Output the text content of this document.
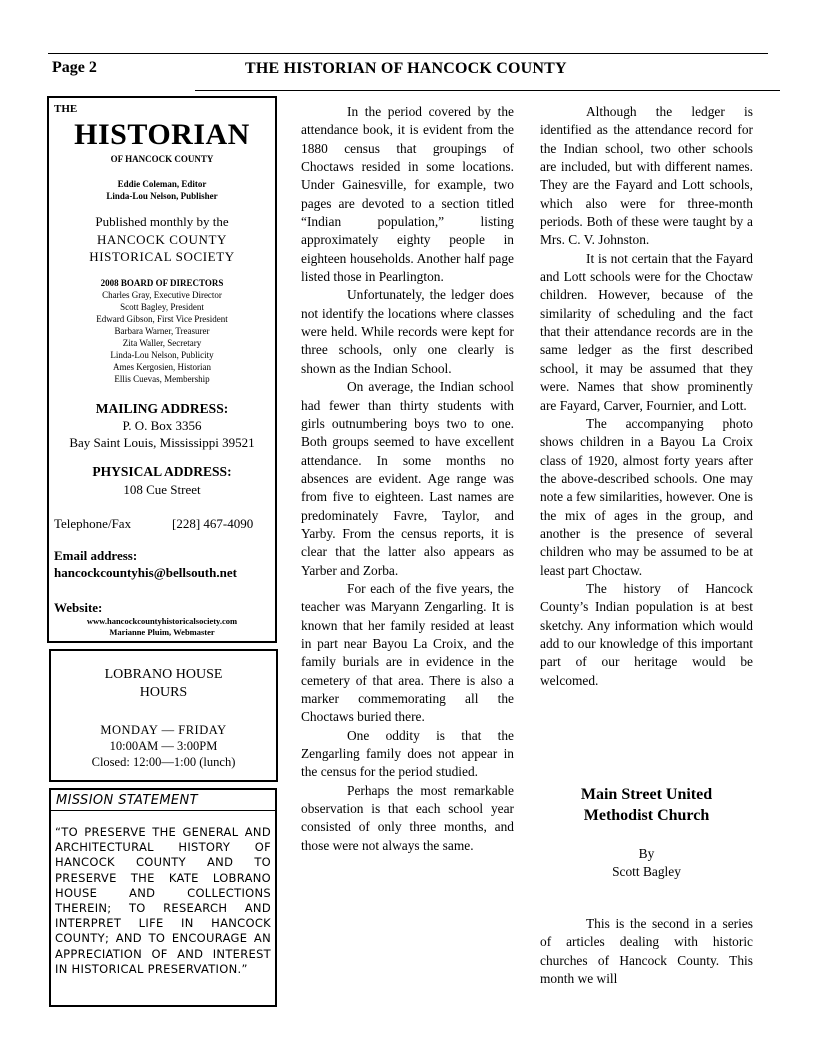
Page 2	THE HISTORIAN OF HANCOCK COUNTY
THE
HISTORIAN
OF HANCOCK COUNTY
Eddie Coleman, Editor
Linda-Lou Nelson, Publisher
Published monthly by the
HANCOCK COUNTY
HISTORICAL SOCIETY
2008 BOARD OF DIRECTORS
Charles Gray, Executive Director
Scott Bagley, President
Edward Gibson, First Vice President
Barbara Warner, Treasurer
Zita Waller, Secretary
Linda-Lou Nelson, Publicity
Ames Kergosien, Historian
Ellis Cuevas, Membership
MAILING ADDRESS:
P. O. Box 3356
Bay Saint Louis, Mississippi 39521
PHYSICAL ADDRESS:
108 Cue Street
Telephone/Fax	[228] 467-4090
Email address:
hancockcountyhis@bellsouth.net
Website:
www.hancockcountyhistoricalsociety.com
Marianne Pluim, Webmaster
LOBRANO HOUSE
HOURS
MONDAY — FRIDAY
10:00AM — 3:00PM
Closed: 12:00—1:00 (lunch)
MISSION STATEMENT
“TO PRESERVE THE GENERAL AND ARCHITECTURAL HISTORY OF HANCOCK COUNTY AND TO PRESERVE THE KATE LOBRANO HOUSE AND COLLECTIONS THEREIN; TO RESEARCH AND INTERPRET LIFE IN HANCOCK COUNTY; AND TO ENCOURAGE AN APPRECIATION OF AND INTEREST IN HISTORICAL PRESERVATION.”

In the period covered by the attendance book, it is evident from the 1880 census that groupings of Choctaws resided in some locations. Under Gainesville, for example, two pages are devoted to a section titled “Indian population,” listing approximately eighty people in eighteen households. Another half page listed those in Pearlington.

Unfortunately, the ledger does not identify the locations where classes were held. While records were kept for three schools, only one clearly is shown as the Indian School.

On average, the Indian school had fewer than thirty students with girls outnumbering boys two to one. Both groups seemed to have excellent attendance. In some months no absences are evident. Age range was from five to eighteen. Last names are predominately Favre, Taylor, and Yarby. From the census reports, it is clear that the latter also appears as Yarber and Zorba.

For each of the five years, the teacher was Maryann Zengarling. It is known that her family resided at least in part near Bayou La Croix, and the family burials are in evidence in the cemetery of that area. There is also a marker commemorating all the Choctaws buried there.

One oddity is that the Zengarling family does not appear in the census for the period studied.

Perhaps the most remarkable observation is that each school year consisted of only three months, and those were not always the same.

Although the ledger is identified as the attendance record for the Indian school, two other schools are included, but with different names. They are the Fayard and Lott schools, which also were for three-month periods. Both of these were taught by a Mrs. C. V. Johnston.

It is not certain that the Fayard and Lott schools were for the Choctaw children. However, because of the similarity of scheduling and the fact that their attendance records are in the same ledger as the first described school, it may be assumed that they were. Names that show prominently are Fayard, Carver, Fournier, and Lott.

The accompanying photo shows children in a Bayou La Croix class of 1920, almost forty years after the above-described schools. One may note a few similarities, however. One is the mix of ages in the group, and another is the presence of several children who may be assumed to be at least part Choctaw.

The history of Hancock County’s Indian population is at best sketchy. Any information which would add to our knowledge of this important part of our heritage would be welcomed.

Main Street United
Methodist Church
By
Scott Bagley

This is the second in a series of articles dealing with historic churches of Hancock County. This month we will
